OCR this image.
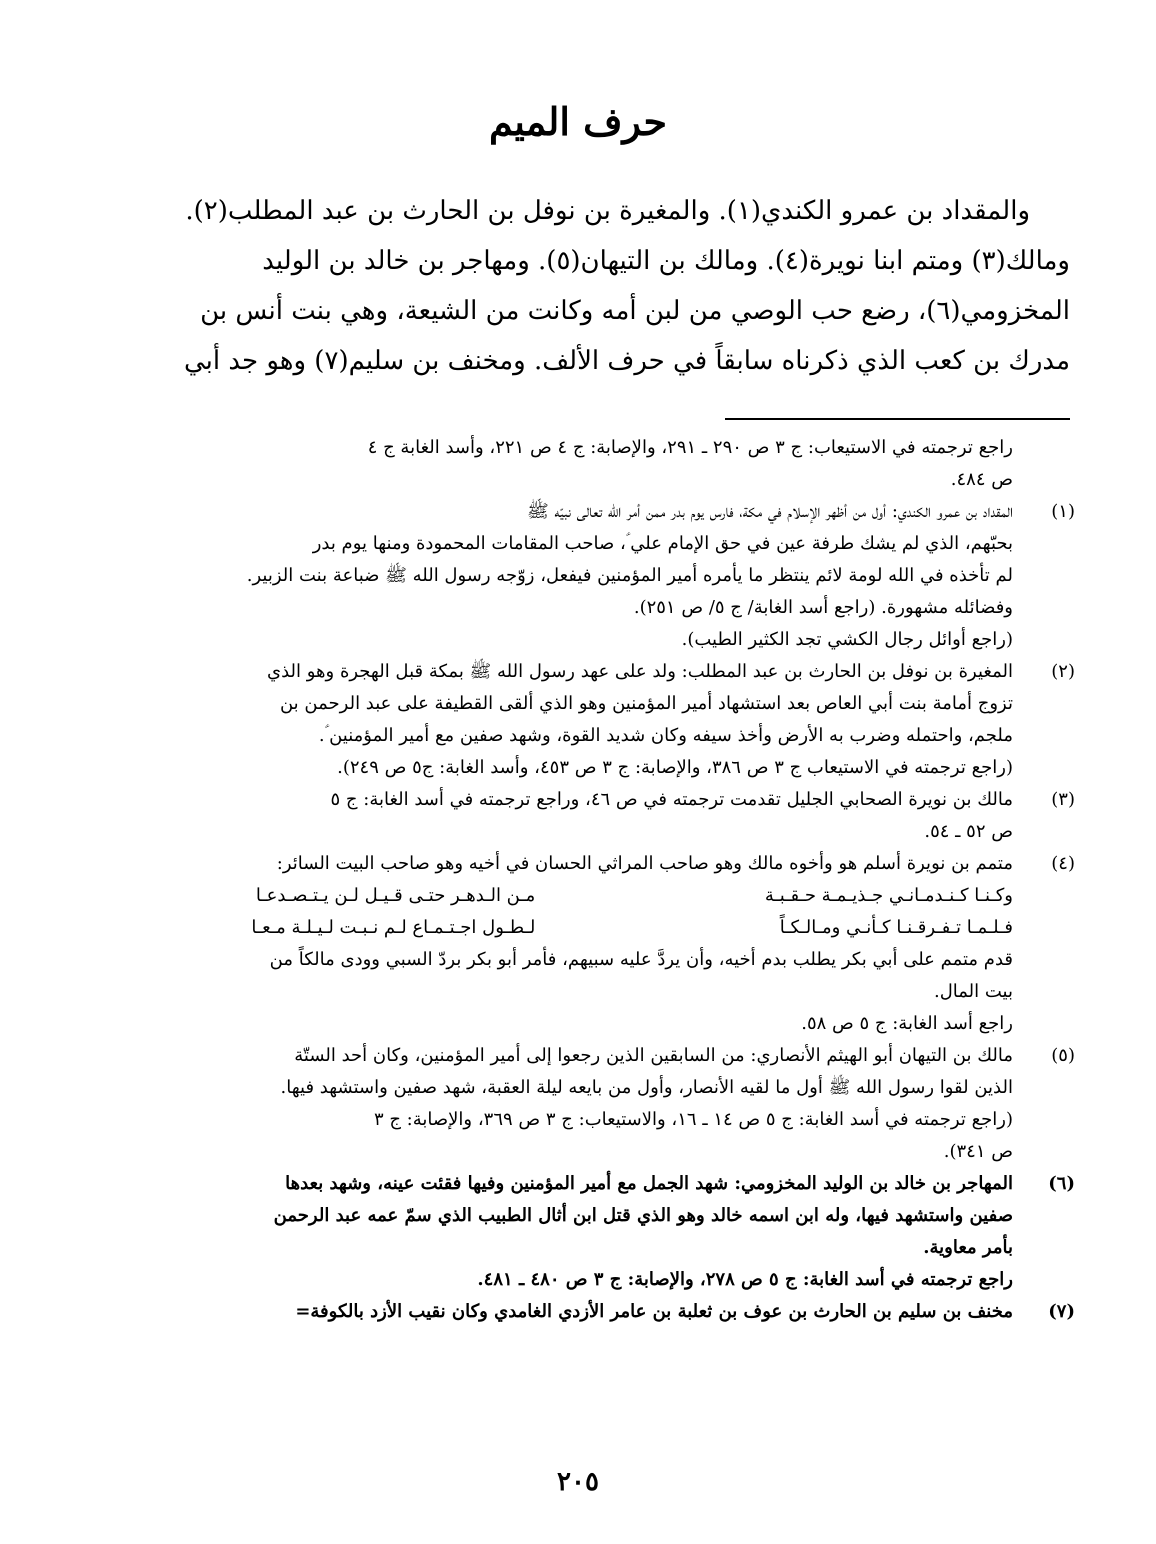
حرف الميم
والمقداد بن عمرو الكندي(١). والمغيرة بن نوفل بن الحارث بن عبد المطلب(٢).
ومالك(٣) ومتم ابنا نويرة(٤). ومالك بن التيهان(٥). ومهاجر بن خالد بن الوليد
المخزومي(٦)، رضع حب الوصي من لبن أمه وكانت من الشيعة، وهي بنت أنس بن
مدرك بن كعب الذي ذكرناه سابقاً في حرف الألف. ومخنف بن سليم(٧) وهو جد أبي
راجع ترجمته في الاستيعاب: ج ٣ ص ٢٩٠ ـ ٢٩١، والإصابة: ج ٤ ص ٢٢١، وأسد الغابة ج ٤
ص ٤٨٤.
(١)
المقداد بن عمرو الكندي: أول من أظهر الإسلام في مكة، فارس يوم بدر ممن أمر الله تعالى نبيّه ﷺ
بحبّهم، الذي لم يشك طرفة عين في حق الإمام علي ؑ، صاحب المقامات المحمودة ومنها يوم بدر
لم تأخذه في الله لومة لائم ينتظر ما يأمره أمير المؤمنين فيفعل، زوّجه رسول الله ﷺ ضباعة بنت الزبير.
وفضائله مشهورة. (راجع أسد الغابة/ ج ٥/ ص ٢٥١).
(راجع أوائل رجال الكشي تجد الكثير الطيب).
(٢)
المغيرة بن نوفل بن الحارث بن عبد المطلب: ولد على عهد رسول الله ﷺ بمكة قبل الهجرة وهو الذي
تزوج أمامة بنت أبي العاص بعد استشهاد أمير المؤمنين وهو الذي ألقى القطيفة على عبد الرحمن بن
ملجم، واحتمله وضرب به الأرض وأخذ سيفه وكان شديد القوة، وشهد صفين مع أمير المؤمنين ؑ.
(راجع ترجمته في الاستيعاب ج ٣ ص ٣٨٦، والإصابة: ج ٣ ص ٤٥٣، وأسد الغابة: ج٥ ص ٢٤٩).
(٣)
مالك بن نويرة الصحابي الجليل تقدمت ترجمته في ص ٤٦، وراجع ترجمته في أسد الغابة: ج ٥
ص ٥٢ ـ ٥٤.
(٤)
متمم بن نويرة أسلم هو وأخوه مالك وهو صاحب المراثي الحسان في أخيه وهو صاحب البيت السائر:
وكـنـا كـنـدمـانـي جـذيـمـة حـقـبـة
مـن الـدهـر حتـى قـيـل لـن يـتـصـدعـا
فـلـمـا تـفـرقـنـا كـأنـي ومـالـكـاً
لـطـول اجـتـمـاع لـم نـبـت لـيـلـة مـعـا
قدم متمم على أبي بكر يطلب بدم أخيه، وأن يردَّ عليه سبيهم، فأمر أبو بكر بردّ السبي وودى مالكاً من
بيت المال.
راجع أسد الغابة: ج ٥ ص ٥٨.
(٥)
مالك بن التيهان أبو الهيثم الأنصاري: من السابقين الذين رجعوا إلى أمير المؤمنين، وكان أحد الستّة
الذين لقوا رسول الله ﷺ أول ما لقيه الأنصار، وأول من بايعه ليلة العقبة، شهد صفين واستشهد فيها.
(راجع ترجمته في أسد الغابة: ج ٥ ص ١٤ ـ ١٦، والاستيعاب: ج ٣ ص ٣٦٩، والإصابة: ج ٣
ص ٣٤١).
(٦)
المهاجر بن خالد بن الوليد المخزومي: شهد الجمل مع أمير المؤمنين وفيها فقئت عينه، وشهد بعدها
صفين واستشهد فيها، وله ابن اسمه خالد وهو الذي قتل ابن أثال الطبيب الذي سمّ عمه عبد الرحمن
بأمر معاوية.
راجع ترجمته في أسد الغابة: ج ٥ ص ٢٧٨، والإصابة: ج ٣ ص ٤٨٠ ـ ٤٨١.
(٧)
مخنف بن سليم بن الحارث بن عوف بن ثعلبة بن عامر الأزدي الغامدي وكان نقيب الأزد بالكوفة=
٢٠٥
